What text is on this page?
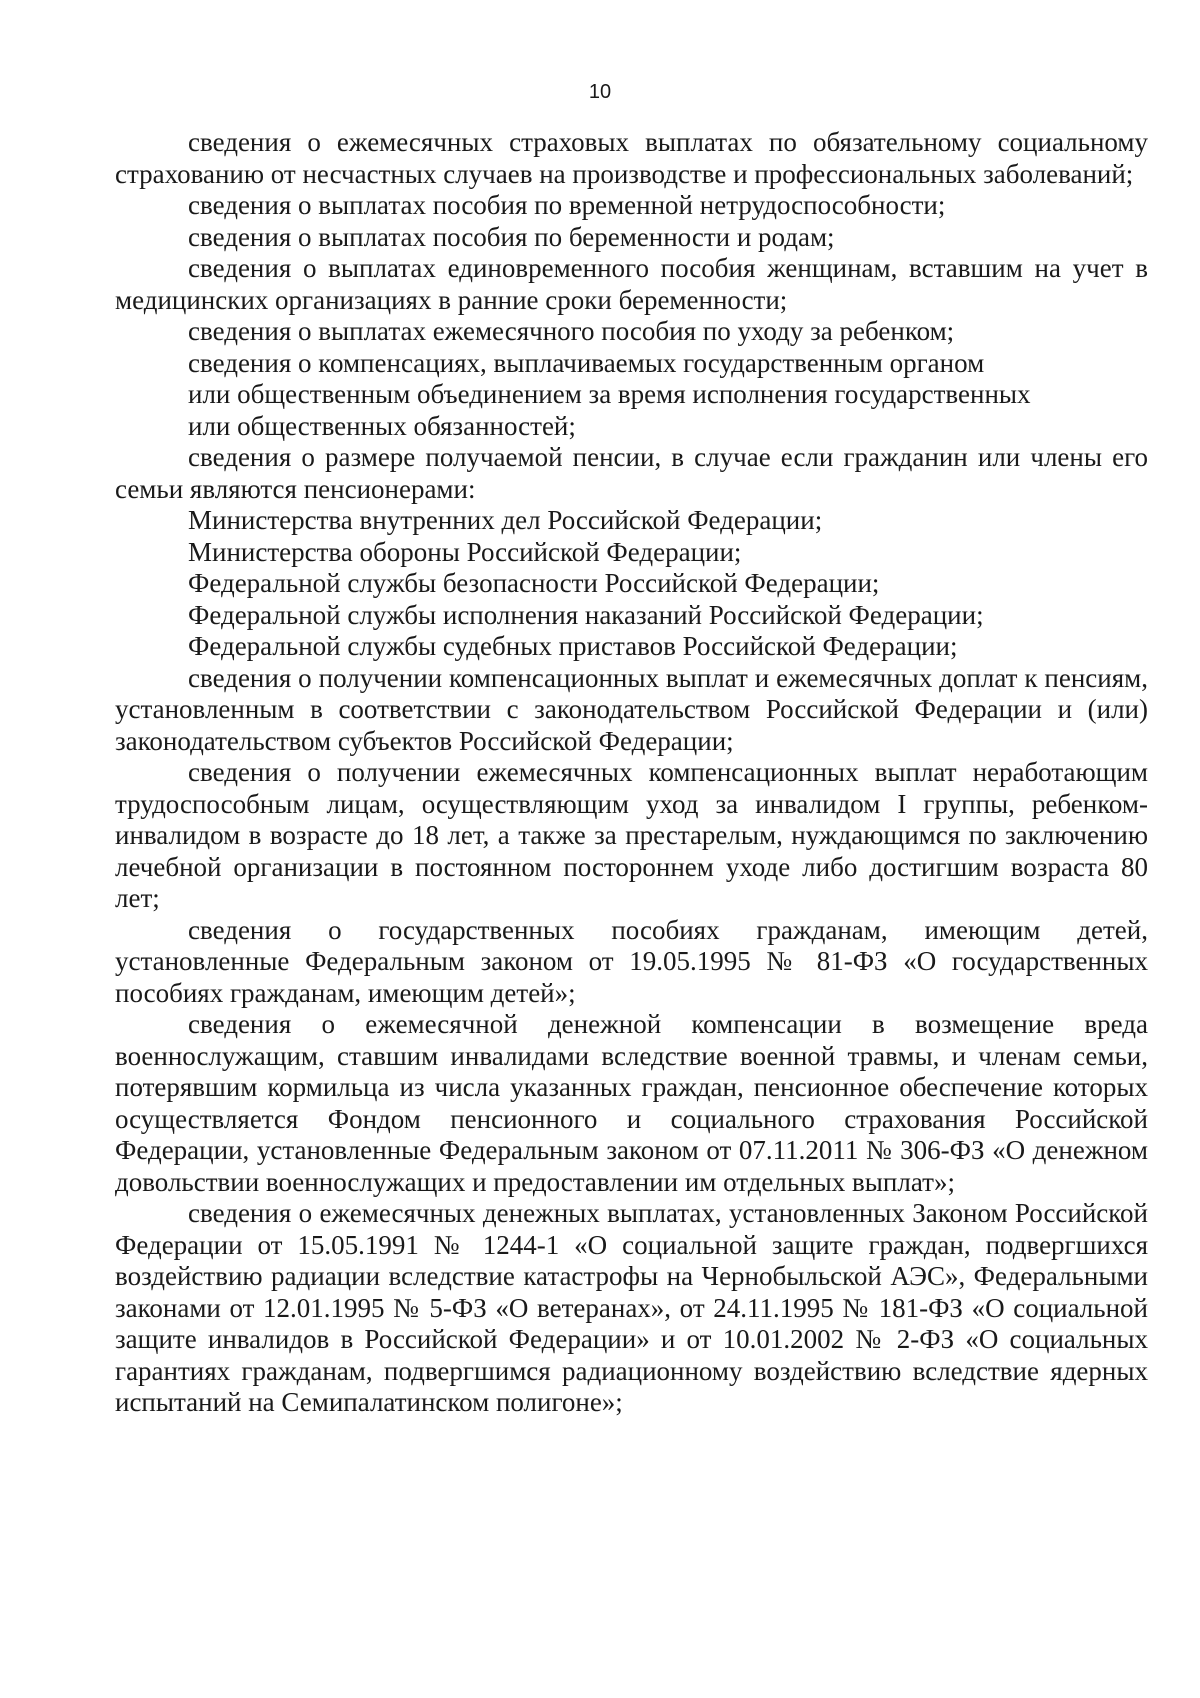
10

сведения о ежемесячных страховых выплатах по обязательному социальному страхованию от несчастных случаев на производстве и профессиональных заболеваний;

сведения о выплатах пособия по временной нетрудоспособности;

сведения о выплатах пособия по беременности и родам;

сведения о выплатах единовременного пособия женщинам, вставшим на учет в медицинских организациях в ранние сроки беременности;

сведения о выплатах ежемесячного пособия по уходу за ребенком;

сведения о компенсациях, выплачиваемых государственным органом

или общественным объединением за время исполнения государственных

или общественных обязанностей;

сведения о размере получаемой пенсии, в случае если гражданин или члены его семьи являются пенсионерами:

Министерства внутренних дел Российской Федерации;

Министерства обороны Российской Федерации;

Федеральной службы безопасности Российской Федерации;

Федеральной службы исполнения наказаний Российской Федерации;

Федеральной службы судебных приставов Российской Федерации;

сведения о получении компенсационных выплат и ежемесячных доплат к пенсиям, установленным в соответствии с законодательством Российской Федерации и (или) законодательством субъектов Российской Федерации;

сведения о получении ежемесячных компенсационных выплат неработающим трудоспособным лицам, осуществляющим уход за инвалидом I группы, ребенком-инвалидом в возрасте до 18 лет, а также за престарелым, нуждающимся по заключению лечебной организации в постоянном постороннем уходе либо достигшим возраста 80 лет;

сведения о государственных пособиях гражданам, имеющим детей, установленные Федеральным законом от 19.05.1995 № 81-ФЗ «О государственных пособиях гражданам, имеющим детей»;

сведения о ежемесячной денежной компенсации в возмещение вреда военнослужащим, ставшим инвалидами вследствие военной травмы, и членам семьи, потерявшим кормильца из числа указанных граждан, пенсионное обеспечение которых осуществляется Фондом пенсионного и социального страхования Российской Федерации, установленные Федеральным законом от 07.11.2011 № 306-ФЗ «О денежном довольствии военнослужащих и предоставлении им отдельных выплат»;

сведения о ежемесячных денежных выплатах, установленных Законом Российской Федерации от 15.05.1991 № 1244-1 «О социальной защите граждан, подвергшихся воздействию радиации вследствие катастрофы на Чернобыльской АЭС», Федеральными законами от 12.01.1995 № 5-ФЗ «О ветеранах», от 24.11.1995 № 181-ФЗ «О социальной защите инвалидов в Российской Федерации» и от 10.01.2002 № 2-ФЗ «О социальных гарантиях гражданам, подвергшимся радиационному воздействию вследствие ядерных испытаний на Семипалатинском полигоне»;
